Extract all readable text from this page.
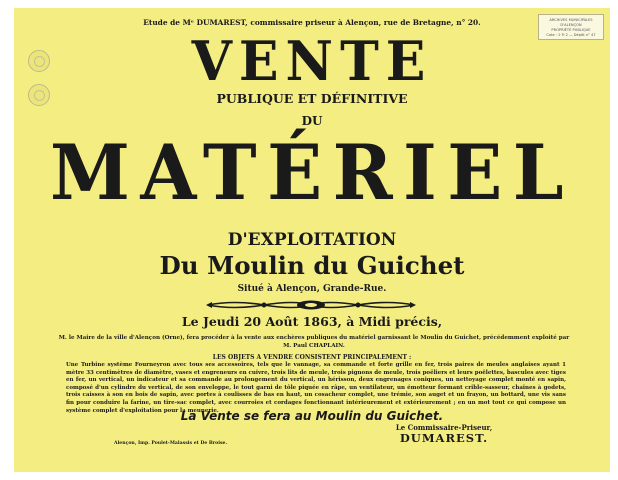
Etude de Mᵉ DUMAREST, commissaire priseur à Alençon, rue de Bretagne, n° 20.	ARCHIVES MUNICIPALES
D'ALENÇON
PROPRIÉTÉ PUBLIQUE
Cote : 2 Fi 2 — Dépôt n° 47
VENTE
PUBLIQUE ET DÉFINITIVE
DU
MATÉRIEL
D'EXPLOITATION
Du Moulin du Guichet
Situé à Alençon, Grande-Rue.
Le Jeudi 20 Août 1863, à Midi précis,
M. le Maire de la ville d'Alençon (Orne), fera procéder à la vente aux enchères publiques du matériel garnissant le Moulin du Guichet, précédemment exploité par M. Paul CHAPLAIN.
LES OBJETS A VENDRE CONSISTENT PRINCIPALEMENT :
Une Turbine système Fourneyron avec tous ses accessoires, tels que le vannage, sa commande et forte grille en fer, trois paires de meules anglaises ayant 1 mètre 33 centimètres de diamètre, vases et engreneurs en cuivre, trois lits de meule, trois pignons de meule, trois poëliers et leurs poêlettes, bascules avec tiges en fer, un vertical, un indicateur et sa commande au prolongement du vertical, un hérisson, deux engrenages coniques, un nettoyage complet monté en sapin, composé d'un cylindre du vertical, de son enveloppe, le tout garni de tôle piquée en râpe, un ventilateur, un émotteur formant crible-sasseur, chaînes à godets, trois caisses à son en bois de sapin, avec portes à coulisses de bas en haut, un cosacheur complet, une trémie, son auget et un frayon, un bottard, une vis sans fin pour conduire la farine, un tire-sac complet, avec courroies et cordages fonctionnant intérieurement et extérieurement ; en un mot tout ce qui compose un système complet d'exploitation pour la meunerie.
La Vente se fera au Moulin du Guichet.
Le Commissaire-Priseur,
DUMAREST.
Alençon, Imp. Poulet-Malassis et De Broise.
